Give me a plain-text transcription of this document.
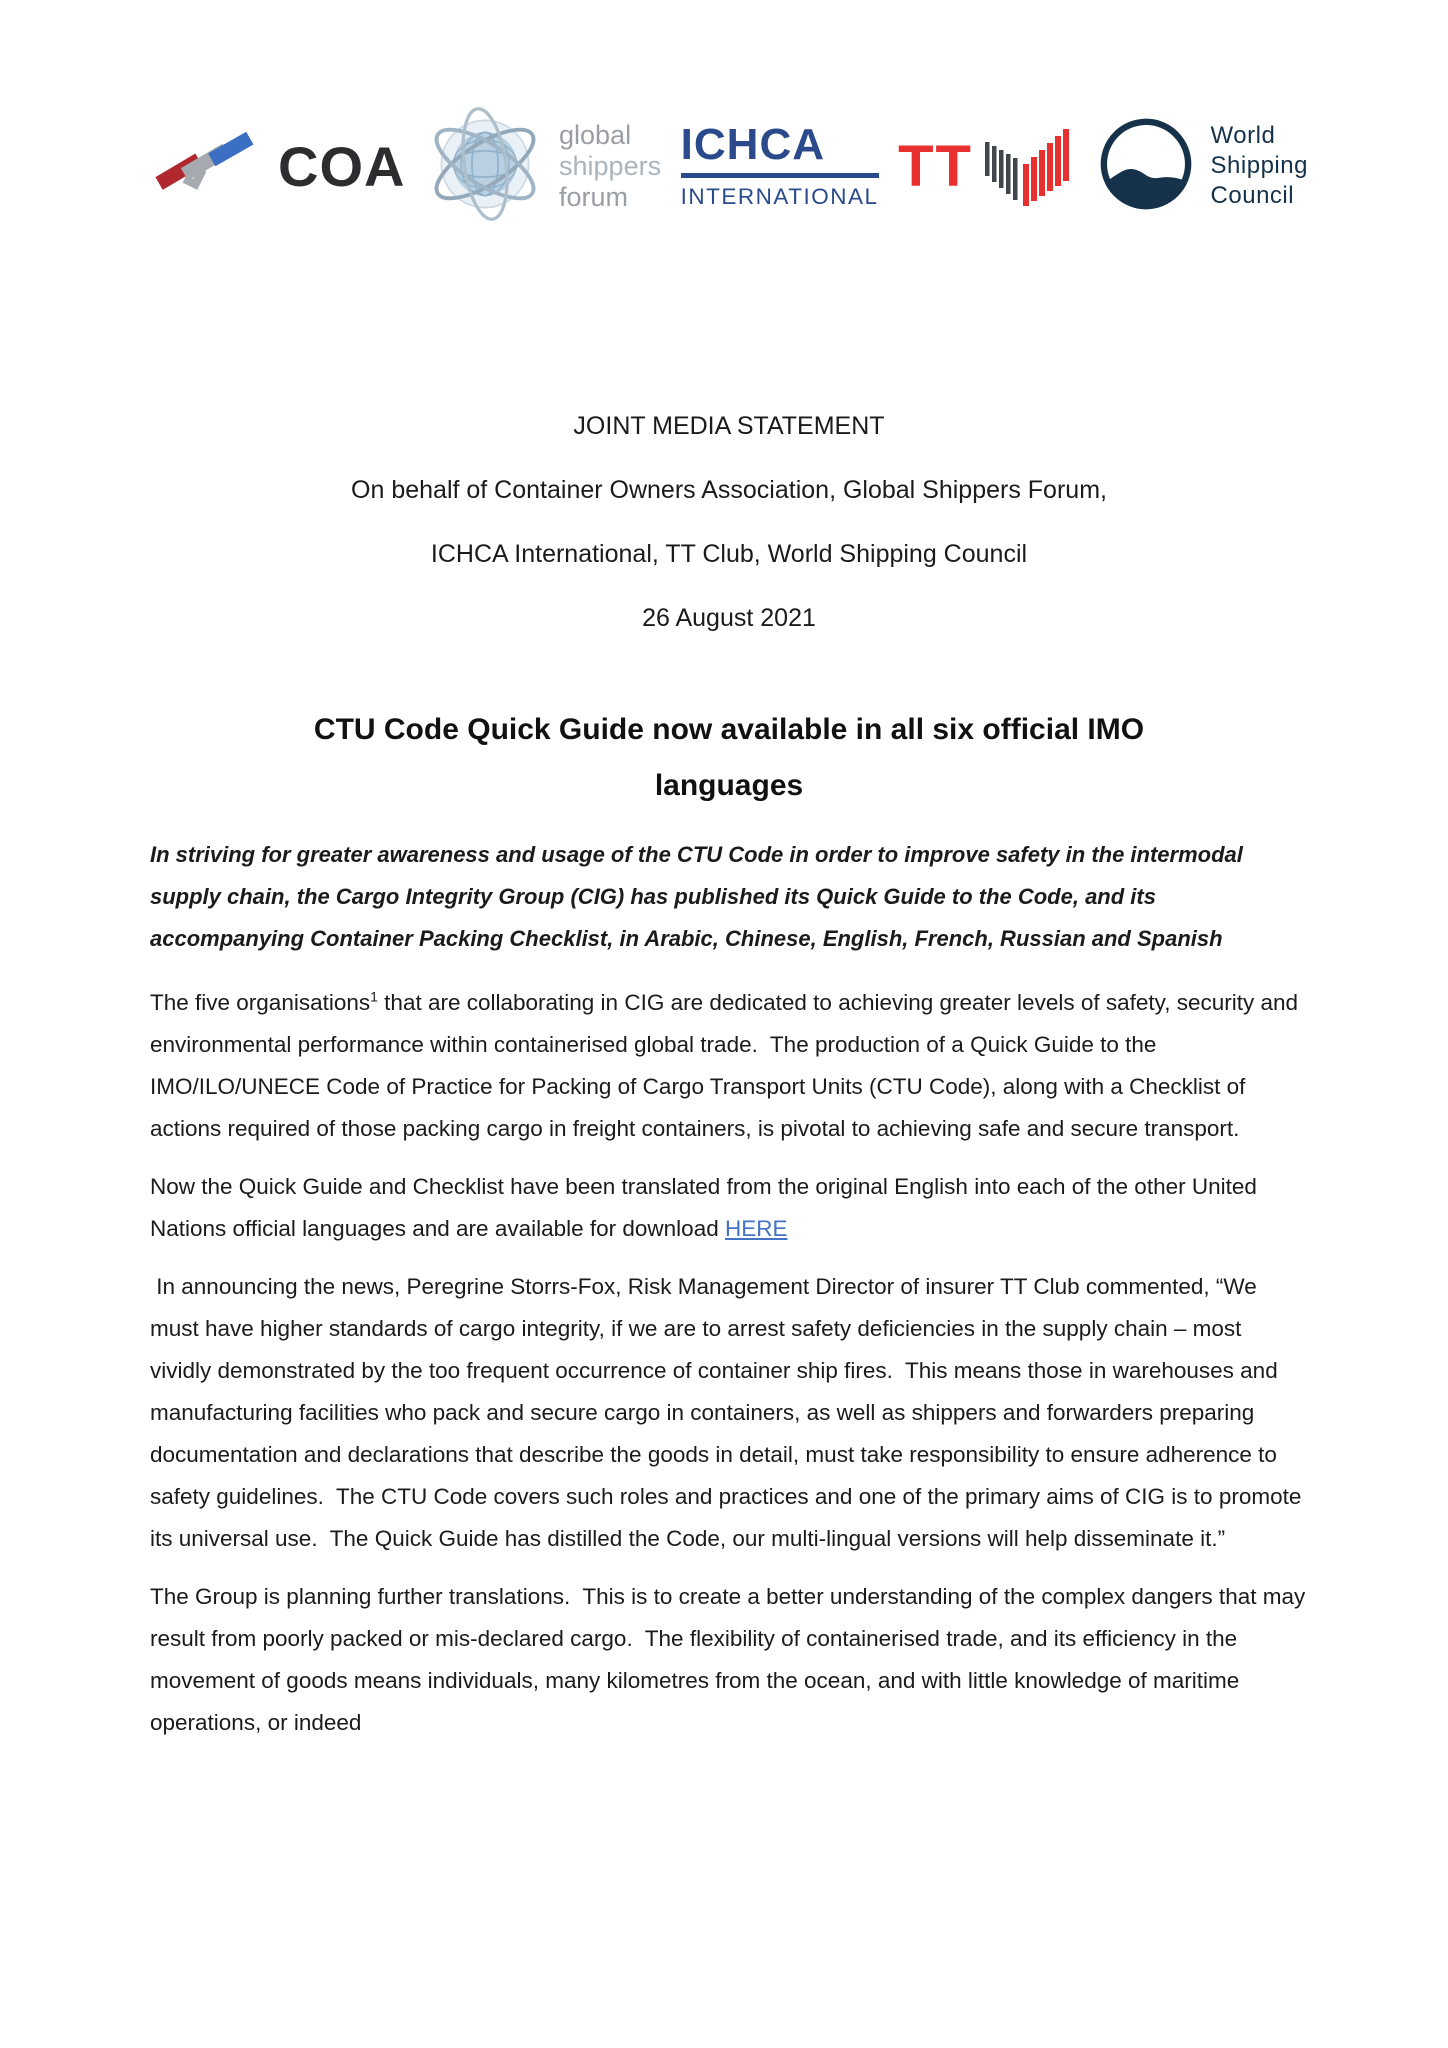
COA	global
shippers
forum
ICHCA
INTERNATIONAL TT	World
Shipping
Council
JOINT MEDIA STATEMENT
On behalf of Container Owners Association, Global Shippers Forum,
ICHCA International, TT Club, World Shipping Council
26 August 2021
CTU Code Quick Guide now available in all six official IMO
languages

In striving for greater awareness and usage of the CTU Code in order to improve safety in the intermodal supply chain, the Cargo Integrity Group (CIG) has published its Quick Guide to the Code, and its accompanying Container Packing Checklist, in Arabic, Chinese, English, French, Russian and Spanish

The five organisations$^1$ that are collaborating in CIG are dedicated to achieving greater levels of safety, security and environmental performance within containerised global trade.  The production of a Quick Guide to the IMO/ILO/UNECE Code of Practice for Packing of Cargo Transport Units (CTU Code), along with a Checklist of actions required of those packing cargo in freight containers, is pivotal to achieving safe and secure transport.

Now the Quick Guide and Checklist have been translated from the original English into each of the other United Nations official languages and are available for download HERE

In announcing the news, Peregrine Storrs-Fox, Risk Management Director of insurer TT Club commented, “We must have higher standards of cargo integrity, if we are to arrest safety deficiencies in the supply chain – most vividly demonstrated by the too frequent occurrence of container ship fires.  This means those in warehouses and manufacturing facilities who pack and secure cargo in containers, as well as shippers and forwarders preparing documentation and declarations that describe the goods in detail, must take responsibility to ensure adherence to safety guidelines.  The CTU Code covers such roles and practices and one of the primary aims of CIG is to promote its universal use.  The Quick Guide has distilled the Code, our multi-lingual versions will help disseminate it.”

The Group is planning further translations.  This is to create a better understanding of the complex dangers that may result from poorly packed or mis-declared cargo.  The flexibility of containerised trade, and its efficiency in the movement of goods means individuals, many kilometres from the ocean, and with little knowledge of maritime operations, or indeed
